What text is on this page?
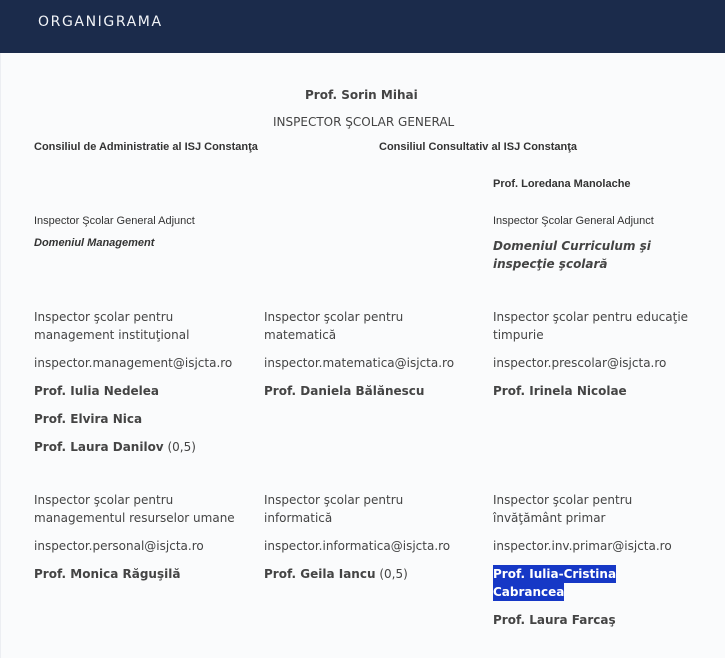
ORGANIGRAMA
Prof. Sorin Mihai
INSPECTOR ŞCOLAR GENERAL
Consiliul de Administratie al ISJ Constanţa	Consiliul Consultativ al ISJ Constanţa
Prof. Loredana Manolache
Inspector Şcolar General Adjunct
Domeniul Management
Inspector Şcolar General Adjunct
Domeniul Curriculum şi
inspecţie şcolară
Inspector şcolar pentru
management instituţional
inspector.management@isjcta.ro
Prof. Iulia Nedelea
Prof. Elvira Nica
Prof. Laura Danilov (0,5)
Inspector şcolar pentru
matematică
inspector.matematica@isjcta.ro
Prof. Daniela Bălănescu
Inspector şcolar pentru educaţie
timpurie
inspector.prescolar@isjcta.ro
Prof. Irinela Nicolae
Inspector şcolar pentru
managementul resurselor umane
inspector.personal@isjcta.ro
Prof. Monica Răguşilă
Inspector şcolar pentru
informatică
inspector.informatica@isjcta.ro
Prof. Geila Iancu (0,5)
Inspector şcolar pentru
învăţământ primar
inspector.inv.primar@isjcta.ro
Prof. Iulia-Cristina
Cabrancea
Prof. Laura Farcaş
